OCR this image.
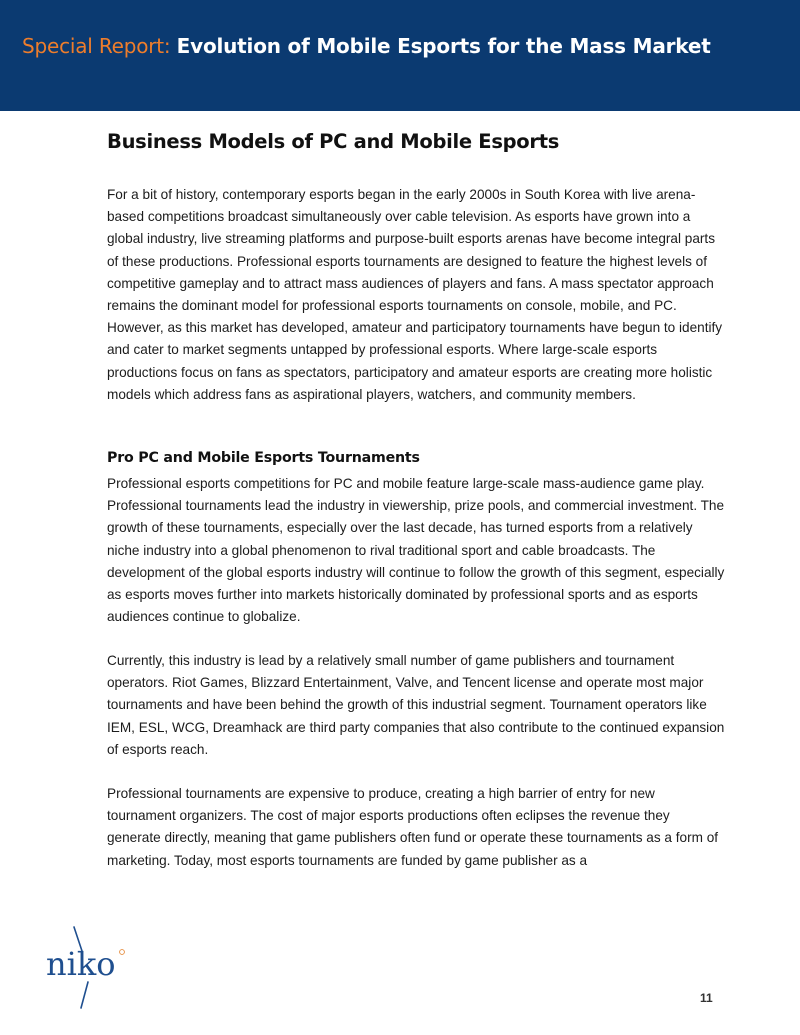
Special Report: Evolution of Mobile Esports for the Mass Market
Business Models of PC and Mobile Esports

For a bit of history, contemporary esports began in the early 2000s in South Korea with live arena-based competitions broadcast simultaneously over cable television. As esports have grown into a global industry, live streaming platforms and purpose-built esports arenas have become integral parts of these productions. Professional esports tournaments are designed to feature the highest levels of competitive gameplay and to attract mass audiences of players and fans. A mass spectator approach remains the dominant model for professional esports tournaments on console, mobile, and PC. However, as this market has developed, amateur and participatory tournaments have begun to identify and cater to market segments untapped by professional esports. Where large-scale esports productions focus on fans as spectators, participatory and amateur esports are creating more holistic models which address fans as aspirational players, watchers, and community members.

Pro PC and Mobile Esports Tournaments

Professional esports competitions for PC and mobile feature large-scale mass-audience game play. Professional tournaments lead the industry in viewership, prize pools, and commercial investment. The growth of these tournaments, especially over the last decade, has turned esports from a relatively niche industry into a global phenomenon to rival traditional sport and cable broadcasts. The development of the global esports industry will continue to follow the growth of this segment, especially as esports moves further into markets historically dominated by professional sports and as esports audiences continue to globalize.

Currently, this industry is lead by a relatively small number of game publishers and tournament operators. Riot Games, Blizzard Entertainment, Valve, and Tencent license and operate most major tournaments and have been behind the growth of this industrial segment. Tournament operators like IEM, ESL, WCG, Dreamhack are third party companies that also contribute to the continued expansion of esports reach.

Professional tournaments are expensive to produce, creating a high barrier of entry for new tournament organizers. The cost of major esports productions often eclipses the revenue they generate directly, meaning that game publishers often fund or operate these tournaments as a form of marketing. Today, most esports tournaments are funded by game publisher as a

niko
11
